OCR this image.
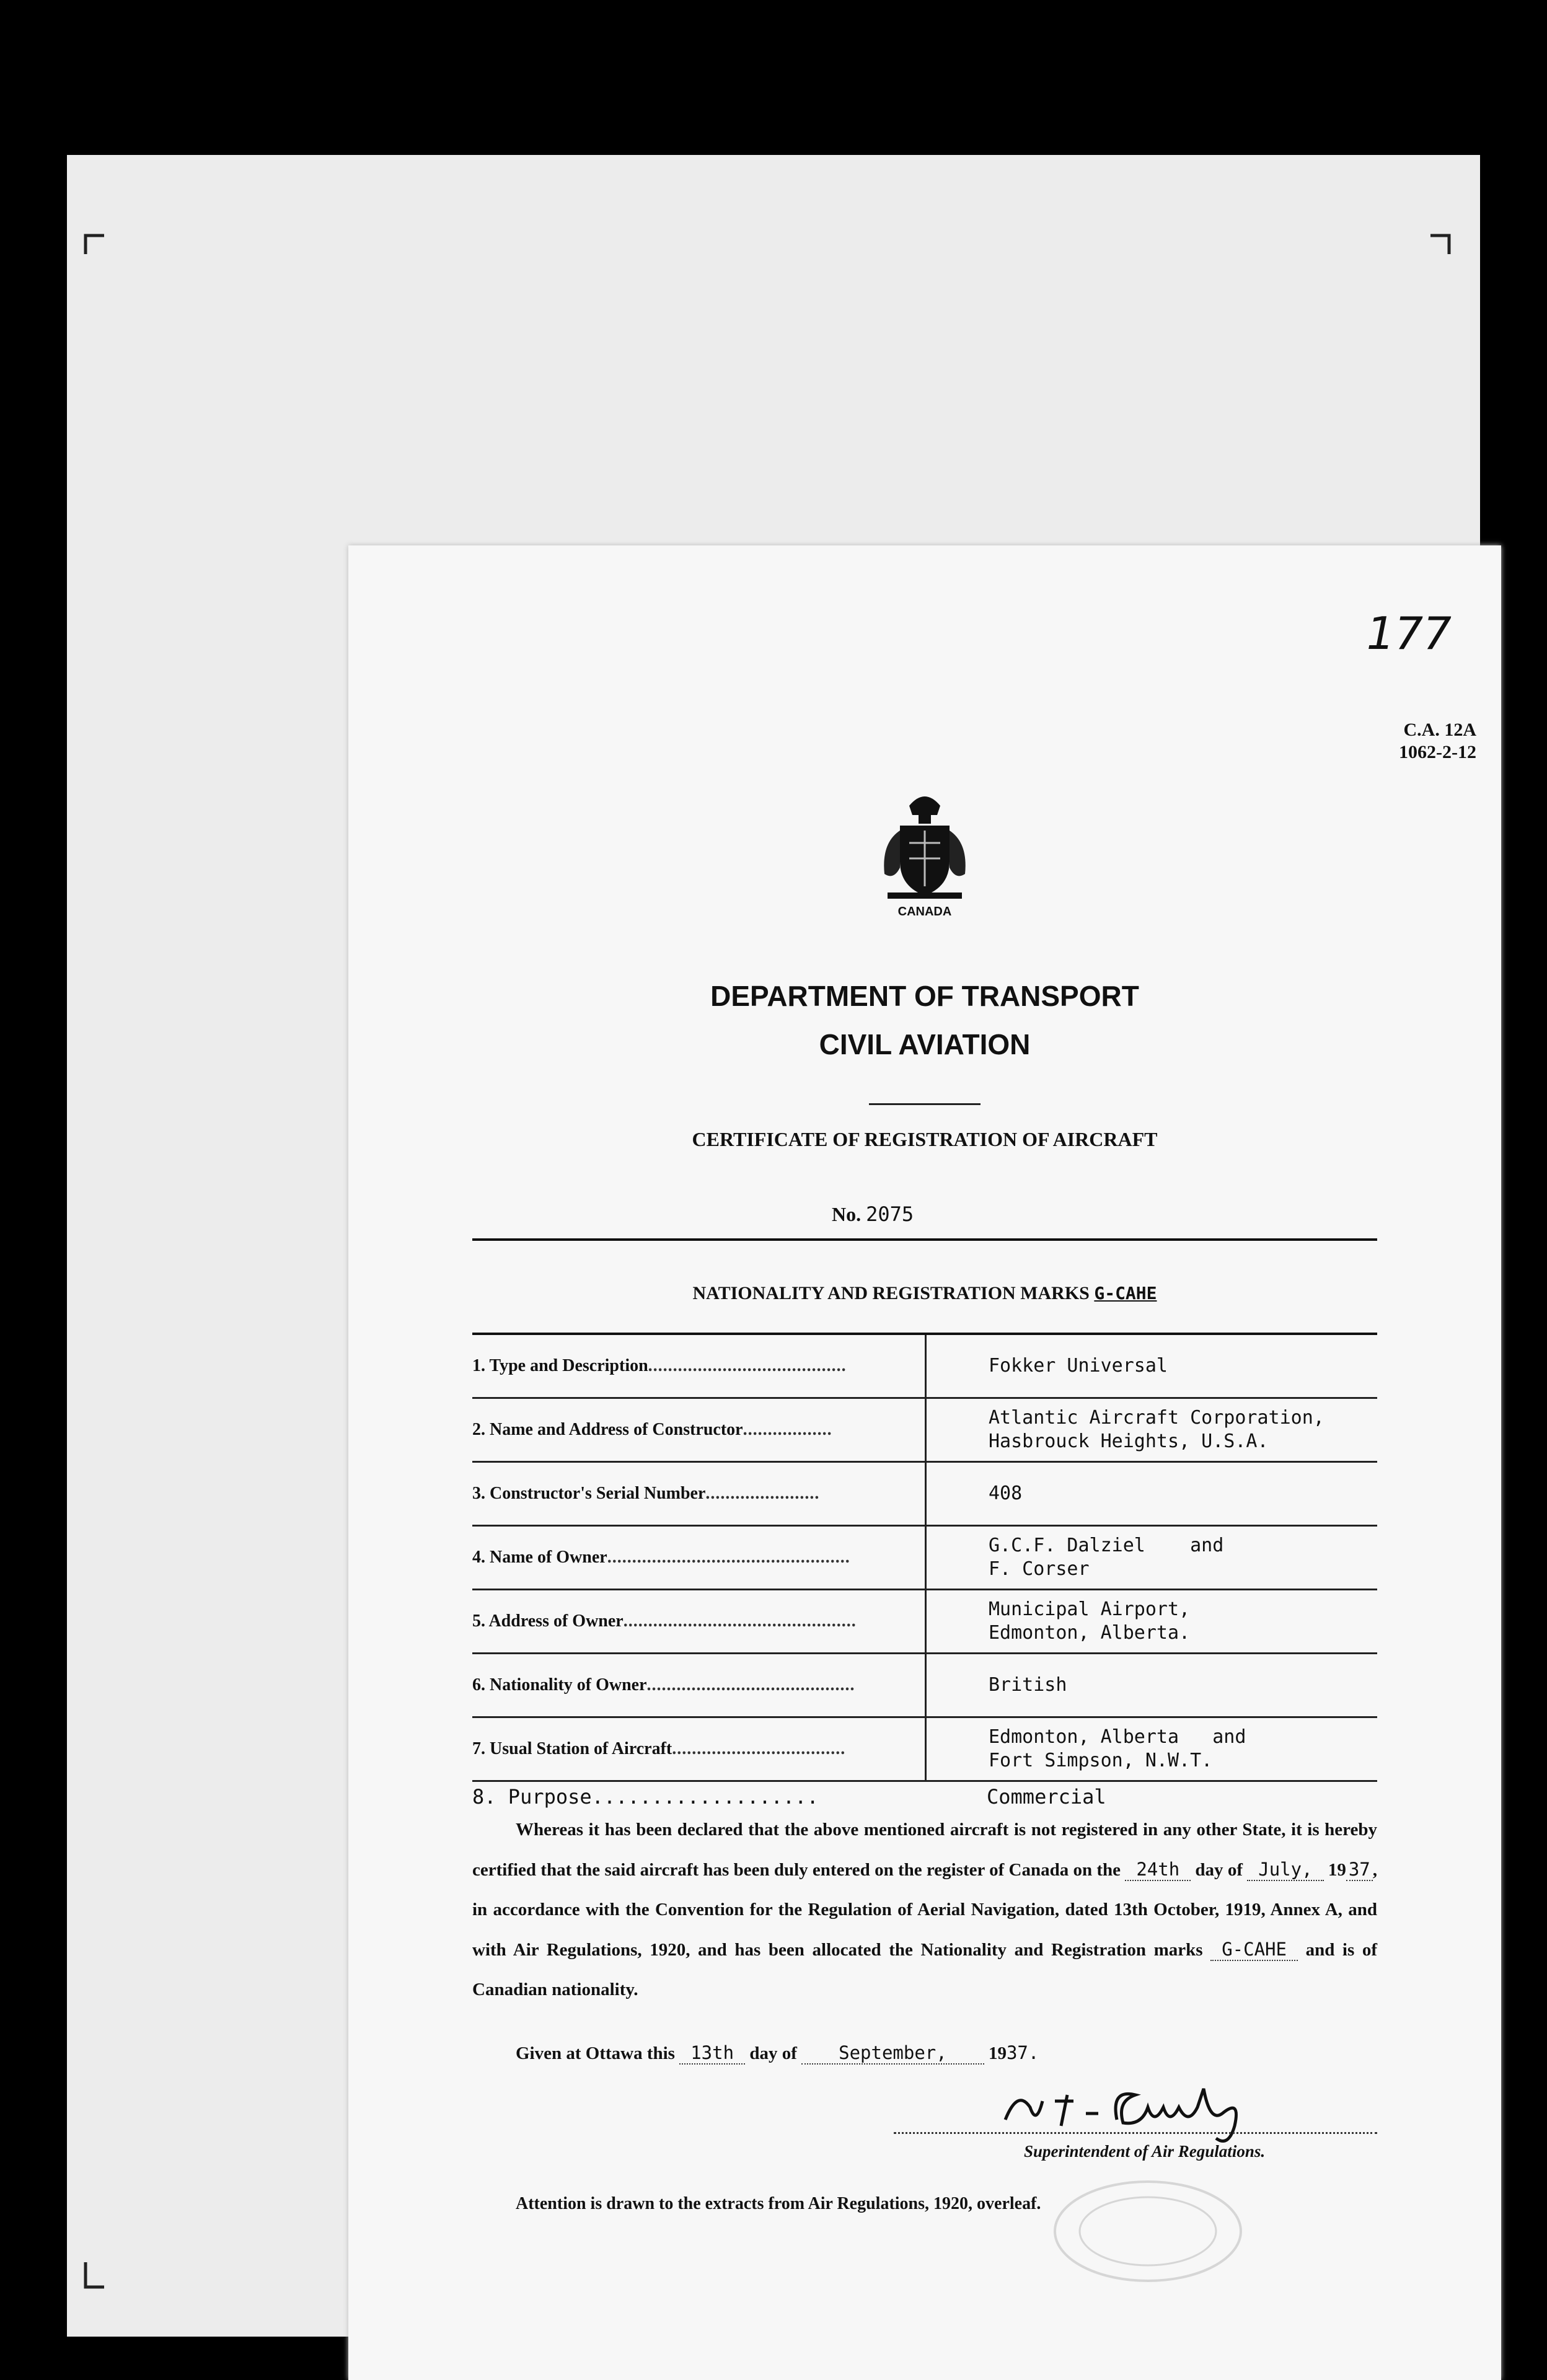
177
C.A. 12A
1062-2-12
CANADA
DEPARTMENT OF TRANSPORT
CIVIL AVIATION
CERTIFICATE OF REGISTRATION OF AIRCRAFT
No. 2075
NATIONALITY AND REGISTRATION MARKS G-CAHE
1. Type and Description........................................	Fokker Universal

2. Name and Address of Constructor..................	Atlantic Aircraft Corporation,
Hasbrouck Heights, U.S.A.

3. Constructor's Serial Number.......................	408

4. Name of Owner.................................................	G.C.F. Dalziel    and
F. Corser

5. Address of Owner...............................................	Municipal Airport,
Edmonton, Alberta.

6. Nationality of Owner..........................................	British

7. Usual Station of Aircraft...................................	Edmonton, Alberta   and
Fort Simpson, N.W.T.
8. Purpose...................	Commercial
Whereas it has been declared that the above mentioned aircraft is not registered in any other State, it is hereby certified that the said aircraft has been duly entered on the register of Canada on the 24th day of July, 19 37 , in accordance with the Convention for the Regulation of Aerial Navigation, dated 13th October, 1919, Annex A, and with Air Regulations, 1920, and has been allocated the Nationality and Registration marks G-CAHE and is of Canadian nationality.
Given at Ottawa this 13th day of September, 1937.
Superintendent of Air Regulations.
Attention is drawn to the extracts from Air Regulations, 1920, overleaf.
